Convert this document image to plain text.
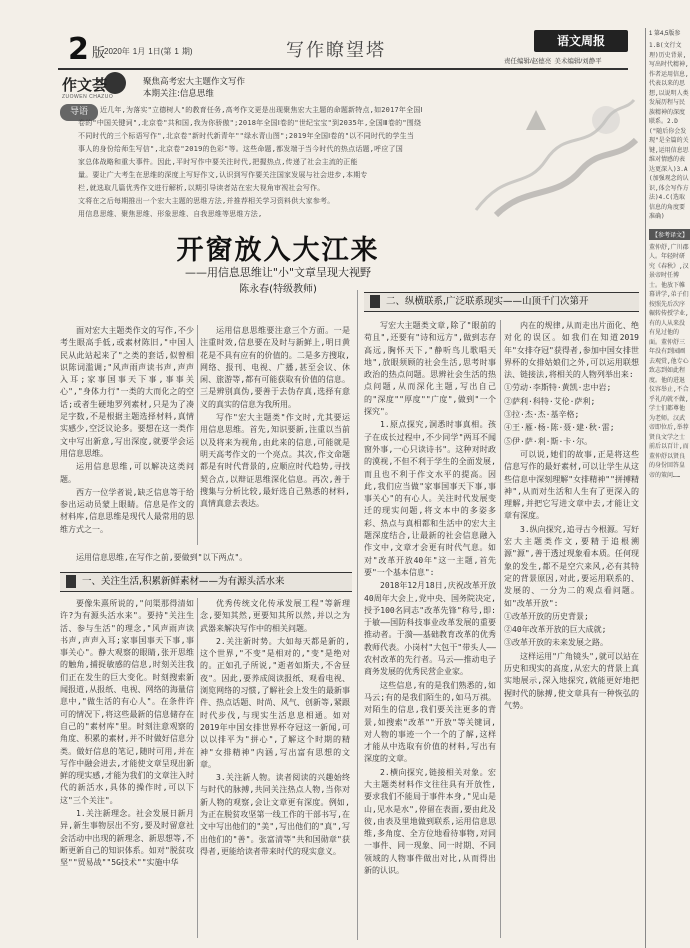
2 版
2020年 1月 1日(第 1 期)	写作瞭望塔	语文周报
责任编辑/赵德亮 美术编辑/刘静平
作文荟
ZUOWEN CHAZUO
聚焦高考宏大主题作文写作
本期关注:信息思维
导语	近几年,为落实"立德树人"的教育任务,高考作文更是出现聚焦宏大主题的命题新特点,如2017年全国Ⅰ
卷的"中国关键词",北京卷"共和国,我为你骄傲";2018年全国Ⅰ卷的"世纪宝宝"到2035年,全国Ⅲ卷的"围绕
不同时代的三个标语写作",北京卷"新时代新青年""绿水青山图";2019年全国Ⅰ卷的"以不同时代的学生当
事人的身份给师生写信",北京卷"2019的色彩"等。这些命题,都发端于当今时代的热点话题,呼应了国
家总体战略和重大事件。因此,平时写作中要关注时代,把握热点,传递了社会主流的正能
量。要让广大考生在思维的深度上写好作文,认识到写作要关注国家发展与社会进步,本期专
栏,就选取几篇优秀作文进行解析,以期引导读者站在宏大视角审视社会写作。
文将在之后每期推出一个宏大主题的思维方法,并推荐相关学习资料供大家参考。
用信息思维、聚焦思维、形象思维、自我思维等思维方法,
开窗放入大江来
——用信息思维让"小"文章呈现大视野
陈永春(特级教师)

面对宏大主题类作文的写作,不少考生眼高手低,或素材陈旧,"中国人民从此站起来了"之类的套话,似曾相识陈词滥调;"风声雨声读书声,声声入耳;家事国事天下事,事事关心","身体力行"一类的大而化之的空话;或者生硬地罗列素材,只是为了凑足字数,不是根据主题选择材料,真情实感少,空泛议论多。要想在这一类作文中写出新意,写出深度,就要学会运用信息思维。

运用信息思维,可以解决这类问题。

西方一位学者说,缺乏信息等于给参出运动员蒙上眼睛。信息是作文的材料库,信息思维是现代人最常用的思维方式之一。

运用信息思维,在写作之前,要做到"以下两点"。

运用信息思维要注意三个方面。一是注重时效,信息要在及时与新鲜上,明日黄花是不具有应有的价值的。二是多方搜取,网络、报刊、电视、广播,甚至会议、休闲、旅游等,都有可能获取有价值的信息。三是辨别真伪,要善于去伪存真,选择有意义的真实的信息为我所用。

写作"宏大主题类"作文时,尤其要运用信息思维。首先,知识要新,注重以当前以及将来为视角,由此来的信息,可能就是明天高考作文的一个亮点。其次,作文命题都是有时代背景的,应顺应时代趋势,寻找契合点,以辩证思维深化信息。再次,善于搜集与分析比较,最好选自己熟悉的材料,真情真意去表达。

一、关注生活,积累新鲜素材——为有源头活水来

要像朱熹所说的,"问渠那得清如许?为有源头活水来"。要持"关注生活、参与生活"的理念,"风声雨声读书声,声声入耳;家事国事天下事,事事关心"。静大观察的眼睛,张开思维的触角,捕捉敏感的信息,时刻关注我们正在发生的巨大变化。时刻搜索新闻报道,从报纸、电视、网络的海量信息中,"做生活的有心人"。在条件许可的情况下,将这些最新的信息储存在自己的"素材库"里。时刻注意观察的角度、积累的素材,并不时做好信息分类。做好信息的笔记,随时可用,并在写作中融会进去,才能使文章呈现出新鲜的现实感,才能为我们的文章注入时代的新活水,具体的操作时,可以下这"三个关注"。

1.关注新理念。社会发展日新月异,新生事物层出不穷,要及时留意社会活动中出现的新理念、新思想等,不断更新自己的知识体系。如对"脱贫攻坚""贸易战""5G技术""实施中华

优秀传统文化传承发展工程"等新理念,要知其然,更要知其所以然,并以之为武器来解决写作中的相关问题。

2.关注新时势。大如每天都是新的,这个世界,"不变"是相对的,"变"是绝对的。正如孔子所说,"逝者如斯夫,不舍昼夜"。因此,要养成阅读报纸、观看电视、浏览网络的习惯,了解社会上发生的最新事件、热点话题、时尚、风气、创新等,紧跟时代步伐,与现实生活息息相通。如对2019年中国女排世界杯夺冠这一新闻,可以以排平为"拼心",了解这个时期的精神"女排精神"内涵,写出富有思想的文章。

3.关注新人物。读者阅读的兴趣始终与时代的脉搏,共同关注热点人物,当你对新人物的观察,会让文章更有深度。例如,为正在脱贫攻坚第一线工作的干部书写,在文中写出他们的"美",写出他们的"真",写出他们的"善"。张富清等"共和国勋章"获得者,更能给读者带来时代的现实意义。

二、纵横联系,广泛联系现实——山顶千门次第开

写宏大主题类文章,除了"眼前的苟且",还要有"诗和远方",做到志存高远,胸怀天下,"静听鸟儿歌唱天地",放眼须顾的社会生活,思考时事政治的热点问题。思辨社会生活的热点问题,从而深化主题,写出自己的"深度""厚度""广度",做到"一个探究"。

1.原点探究,洞悉时事真相。孩子在成长过程中,不少同学"两耳不闻窗外事,一心只读诗书"。这种对时政的漠视,不但不利于学生的全面发展,而且也不利于作文水平的提高。因此,我们应当做"家事国事天下事,事事关心"的有心人。关注时代发展变迁的现实问题,将文本中的多姿多彩、热点与真相都和生活中的宏大主题深度结合,让最新的社会信息融入作文中,文章才会更有时代气息。如对"改革开放40年"这一主题,首先要"一个基本信息":

2018年12月18日,庆祝改革开放40周年大会上,党中央、国务院决定,授予100名同志"改革先锋"称号,即:于敏——国防科技事业改革发展的重要推动者。于漪——基础教育改革的优秀教师代表。小岗村"大包干"带头人——农村改革的先行者。马云——推动电子商务发展的优秀民营企业家。

这些信息,有的是我们熟悉的,如马云;有的是我们陌生的,如马万祺。对陌生的信息,我们要关注更多的背景,如搜索"改革""开放"等关键词,对人物的事迹一个一个的了解,这样才能从中选取有价值的材料,写出有深度的文章。

2.横向探究,链接相关对象。宏大主题类材料作文往往具有开放性,要求我们不能局于事件本身,"见山是山,见水是水",停留在表面,要由此及彼,由表及里地做到联系,运用信息思维,多角度、全方位地看待事物,对同一事件、同一现象、同一时期、不同领域的人物事件做出对比,从而得出新的认识。

内在的规律,从而走出片面化、绝对化的误区。如我们在知道2019年"女排夺冠"获得者,参加中国女排世界杯的女排姑娘们之外,可以运用联想法、链接法,将相关的人物列举出来:

①劳动·李斯特·黄凯·忠中岩;

②萨利·科特·艾伦·萨利;

③拉·杰·杰·基辛格;

④王·雁·杨·陈·聂·建·秋·雷;

⑤伊·萨·利·斯·卡·尔。

可以说,她们的故事,正是将这些信息写作的最好素材,可以让学生从这些信息中深刻理解"女排精神""拼搏精神",从而对生活和人生有了更深入的理解,并把它写进文章中去,才能让文章有深度。

3.纵向探究,追寻古今根源。写好宏大主题类作文,要精于追根溯源"源",善于透过现象看本质。任何现象的发生,都不是空穴来风,必有其特定的背景原因,对此,要运用联系的、发展的、一分为二的观点看问题。如"改革开放":

①改革开放的历史背景;

②40年改革开放的巨大成就;

③改革开放的未来发展之路。

这样运用"广角镜头",就可以站在历史和现实的高度,从宏大的背景上真实地展示,深入地探究,就能更好地把握时代的脉搏,使文章具有一种恢弘的气势。

1 第4,5版参
1.B(文行文理)历史背景,写出时代精神,作者运用信息,代表以来的思想,以说明人类发展历程与民族精神的深度联系。2.D("随后你会发现"是全篇的关键,运用信息思维对情感的表达更深入)3.A(加强观念的认识,体会写作方法)4.C(选取信息的角度要准确)
【参考译文】
董仲舒,广川郡人。年轻时研究《春秋》,汉景帝时任博士。他放下帷幕讲学,弟子们按照先后次序辗转传授学业,有的人从来没有见过他的面。董仲舒三年没有到园圃去观赏,他专心致志到如此程度。他的进退仪容举止,不合乎礼的就不做,学士们都尊他为老师。汉武帝即位后,举荐贤良文学之士前后以百计,而董仲舒以贤良的身份回答皇帝的策问……
